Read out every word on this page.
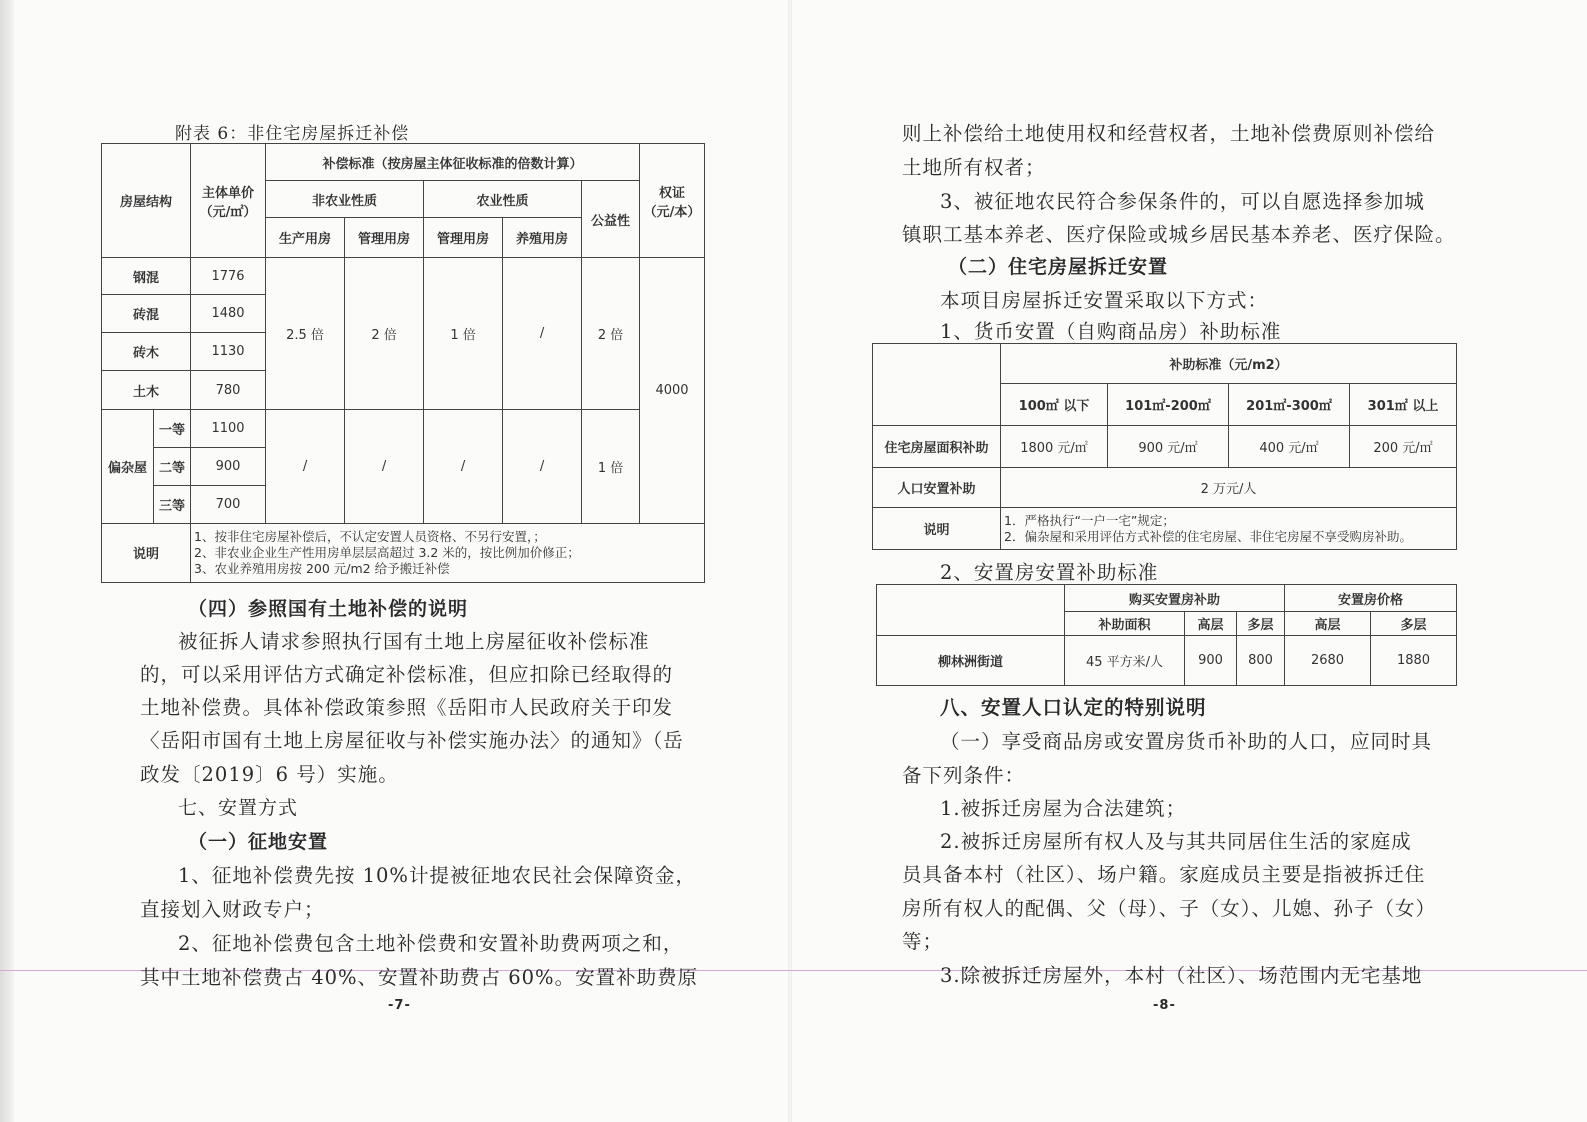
附表 6：非住宅房屋拆迁补偿
房屋结构		主体单价
（元/㎡）	补偿标准（按房屋主体征收标准的倍数计算）					权证
（元/本）
			非农业性质		农业性质		公益性	
			生产用房	管理用房	管理用房	养殖用房		
钢混		1776	2.5 倍	2 倍	1 倍	/	2 倍	4000
砖混		1480						
砖木		1130						
土木		780						
偏杂屋	一等	1100	/	/	/	/	1 倍	
	二等	900						
	三等	700						
说明		1、按非住宅房屋补偿后，不认定安置人员资格、不另行安置，；
2、非农业企业生产性用房单层层高超过 3.2 米的，按比例加价修正；
3、农业养殖用房按 200 元/m2 给予搬迁补偿						
（四）参照国有土地补偿的说明
被征拆人请求参照执行国有土地上房屋征收补偿标准
的，可以采用评估方式确定补偿标准，但应扣除已经取得的
土地补偿费。具体补偿政策参照《岳阳市人民政府关于印发
〈岳阳市国有土地上房屋征收与补偿实施办法〉的通知》（岳
政发〔2019〕6 号）实施。
七、安置方式
（一）征地安置
1、征地补偿费先按 10%计提被征地农民社会保障资金，
直接划入财政专户；
2、征地补偿费包含土地补偿费和安置补助费两项之和，
其中土地补偿费占 40%、安置补助费占 60%。安置补助费原
-7-
则上补偿给土地使用权和经营权者，土地补偿费原则补偿给
土地所有权者；
3、被征地农民符合参保条件的，可以自愿选择参加城
镇职工基本养老、医疗保险或城乡居民基本养老、医疗保险。
（二）住宅房屋拆迁安置
本项目房屋拆迁安置采取以下方式：
1、货币安置（自购商品房）补助标准
	补助标准（元/m2）			
	100㎡ 以下	101㎡-200㎡	201㎡-300㎡	301㎡ 以上
住宅房屋面积补助	1800 元/㎡	900 元/㎡	400 元/㎡	200 元/㎡
人口安置补助	2 万元/人			
说明	1．严格执行“一户一宅”规定；
2．偏杂屋和采用评估方式补偿的住宅房屋、非住宅房屋不享受购房补助。			
2、安置房安置补助标准
	购买安置房补助			安置房价格	
	补助面积	高层	多层	高层	多层
柳林洲街道	45 平方米/人	900	800	2680	1880
八、安置人口认定的特别说明
（一）享受商品房或安置房货币补助的人口，应同时具
备下列条件：
1.被拆迁房屋为合法建筑；
2.被拆迁房屋所有权人及与其共同居住生活的家庭成
员具备本村（社区）、场户籍。家庭成员主要是指被拆迁住
房所有权人的配偶、父（母）、子（女）、儿媳、孙子（女）
等；
3.除被拆迁房屋外，本村（社区）、场范围内无宅基地
-8-
